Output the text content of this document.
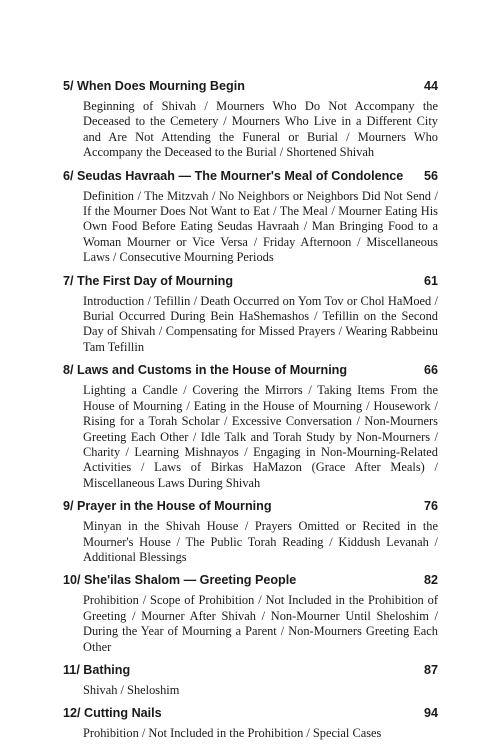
5/ When Does Mourning Begin	44
Beginning of Shivah / Mourners Who Do Not Accompany the Deceased to the Cemetery / Mourners Who Live in a Different City and Are Not Attending the Funeral or Burial / Mourners Who Accompany the Deceased to the Burial / Shortened Shivah
6/ Seudas Havraah — The Mourner's Meal of Condolence	56
Definition / The Mitzvah / No Neighbors or Neighbors Did Not Send / If the Mourner Does Not Want to Eat / The Meal / Mourner Eating His Own Food Before Eating Seudas Havraah / Man Bringing Food to a Woman Mourner or Vice Versa / Friday Afternoon / Miscellaneous Laws / Consecutive Mourning Periods
7/ The First Day of Mourning	61
Introduction / Tefillin / Death Occurred on Yom Tov or Chol HaMoed / Burial Occurred During Bein HaShemashos / Tefillin on the Second Day of Shivah / Compensating for Missed Prayers / Wearing Rabbeinu Tam Tefillin
8/ Laws and Customs in the House of Mourning	66
Lighting a Candle / Covering the Mirrors / Taking Items From the House of Mourning / Eating in the House of Mourning / Housework / Rising for a Torah Scholar / Excessive Conversation / Non-Mourners Greeting Each Other / Idle Talk and Torah Study by Non-Mourners / Charity / Learning Mishnayos / Engaging in Non-Mourning-Related Activities / Laws of Birkas HaMazon (Grace After Meals) / Miscellaneous Laws During Shivah
9/ Prayer in the House of Mourning	76
Minyan in the Shivah House / Prayers Omitted or Recited in the Mourner's House / The Public Torah Reading / Kiddush Levanah / Additional Blessings
10/ She'ilas Shalom — Greeting People	82
Prohibition / Scope of Prohibition / Not Included in the Prohibition of Greeting / Mourner After Shivah / Non-Mourner Until Sheloshim / During the Year of Mourning a Parent / Non-Mourners Greeting Each Other
11/ Bathing	87
Shivah / Sheloshim
12/ Cutting Nails	94
Prohibition / Not Included in the Prohibition / Special Cases
